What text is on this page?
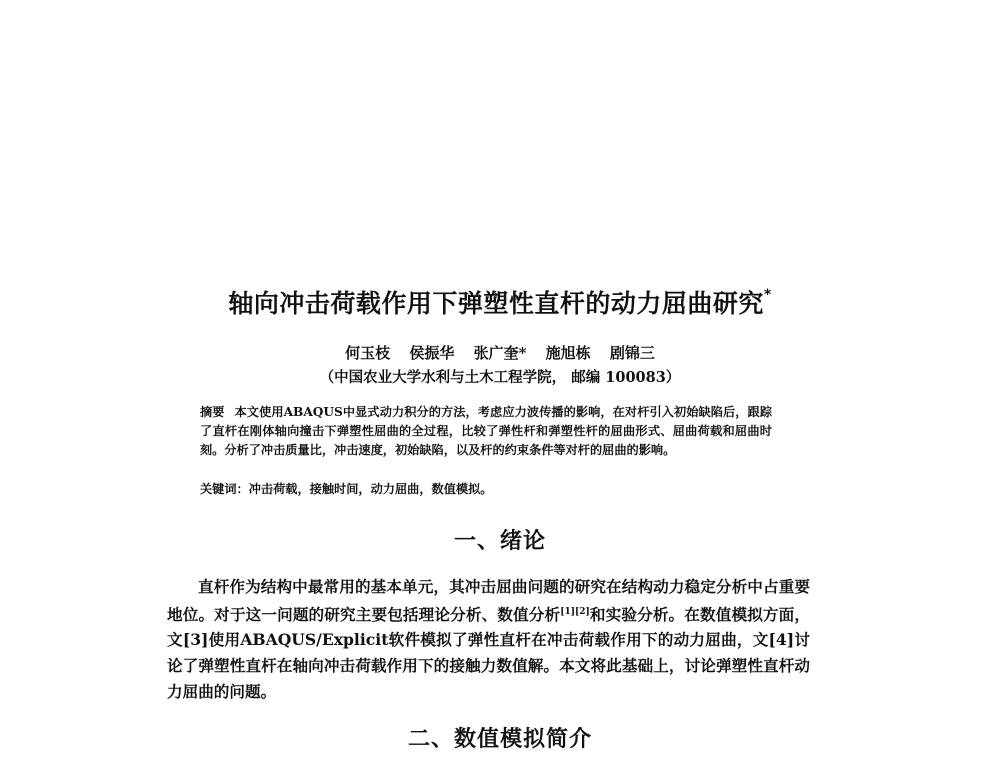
轴向冲击荷载作用下弹塑性直杆的动力屈曲研究*
何玉枝 侯振华 张广奎* 施旭栋 剧锦三
（中国农业大学水利与土木工程学院， 邮编 100083）
摘要 本文使用ABAQUS中显式动力积分的方法，考虑应力波传播的影响，在对杆引入初始缺陷后，跟踪了直杆在刚体轴向撞击下弹塑性屈曲的全过程，比较了弹性杆和弹塑性杆的屈曲形式、屈曲荷载和屈曲时刻。分析了冲击质量比，冲击速度，初始缺陷，以及杆的约束条件等对杆的屈曲的影响。
关键词：冲击荷载，接触时间，动力屈曲，数值模拟。
一、绪论
直杆作为结构中最常用的基本单元，其冲击屈曲问题的研究在结构动力稳定分析中占重要地位。对于这一问题的研究主要包括理论分析、数值分析[1][2]和实验分析。在数值模拟方面，文[3]使用ABAQUS/Explicit软件模拟了弹性直杆在冲击荷载作用下的动力屈曲，文[4]讨论了弹塑性直杆在轴向冲击荷载作用下的接触力数值解。本文将此基础上，讨论弹塑性直杆动力屈曲的问题。
二、数值模拟简介
